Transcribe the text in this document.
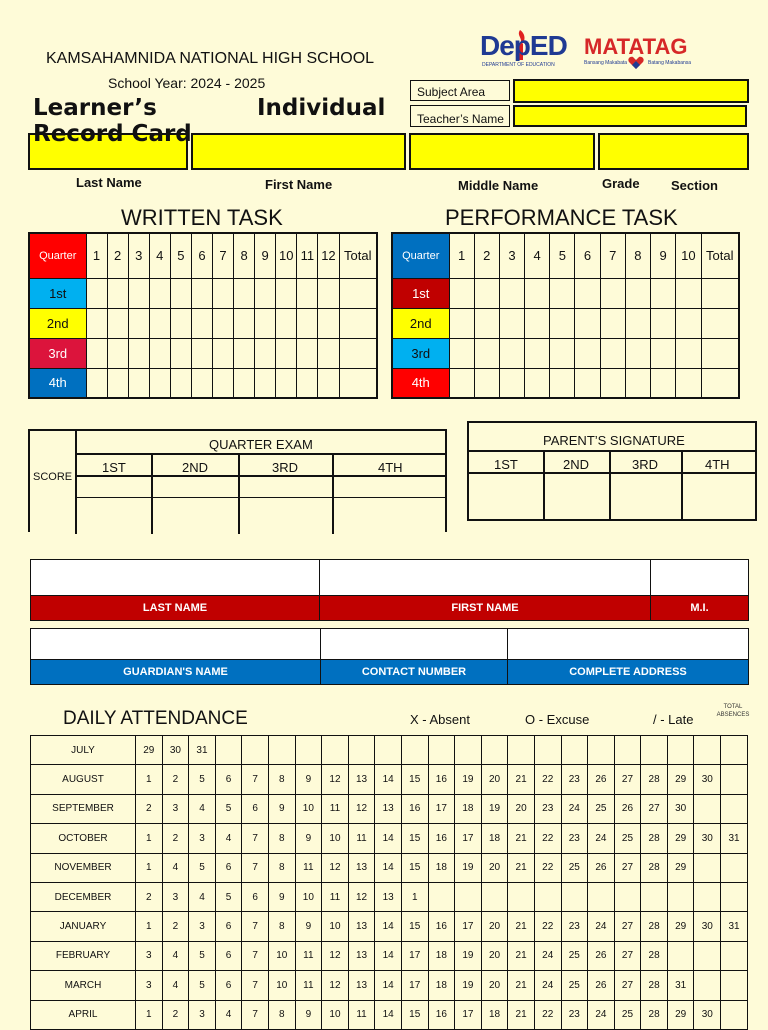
KAMSAHAMNIDA NATIONAL HIGH SCHOOL
School Year: 2024 - 2025
Learner’s	Individual
Record Card
DepED
DEPARTMENT OF EDUCATION
MATATAG
Bansang Makabata	Batang Makabansa
Subject Area
Teacher’s Name
Last Name	First Name	Middle Name	Grade Section
WRITTEN TASK	PERFORMANCE TASK
Quarter	1	2	3	4	5	6	7	8	9	10	11	12	Total
1st													
2nd													
3rd													
4th													
Quarter	1	2	3	4	5	6	7	8	9	10	Total
1st											
2nd											
3rd											
4th											
SCORE
QUARTER EXAM
1ST	2ND	3RD	4TH
PARENT’S SIGNATURE
1ST	2ND	3RD	4TH

LAST NAME	FIRST NAME	M.I.

GUARDIAN'S NAME	CONTACT NUMBER	COMPLETE ADDRESS
DAILY ATTENDANCE	X - Absent	O - Excuse	/ - Late
TOTAL ABSENCES
JULY	29	30	31																				
AUGUST	1	2	5	6	7	8	9	12	13	14	15	16	19	20	21	22	23	26	27	28	29	30	
SEPTEMBER	2	3	4	5	6	9	10	11	12	13	16	17	18	19	20	23	24	25	26	27	30		
OCTOBER	1	2	3	4	7	8	9	10	11	14	15	16	17	18	21	22	23	24	25	28	29	30	31
NOVEMBER	1	4	5	6	7	8	11	12	13	14	15	18	19	20	21	22	25	26	27	28	29		
DECEMBER	2	3	4	5	6	9	10	11	12	13	1												
JANUARY	1	2	3	6	7	8	9	10	13	14	15	16	17	20	21	22	23	24	27	28	29	30	31
FEBRUARY	3	4	5	6	7	10	11	12	13	14	17	18	19	20	21	24	25	26	27	28			
MARCH	3	4	5	6	7	10	11	12	13	14	17	18	19	20	21	24	25	26	27	28	31		
APRIL	1	2	3	4	7	8	9	10	11	14	15	16	17	18	21	22	23	24	25	28	29	30	
